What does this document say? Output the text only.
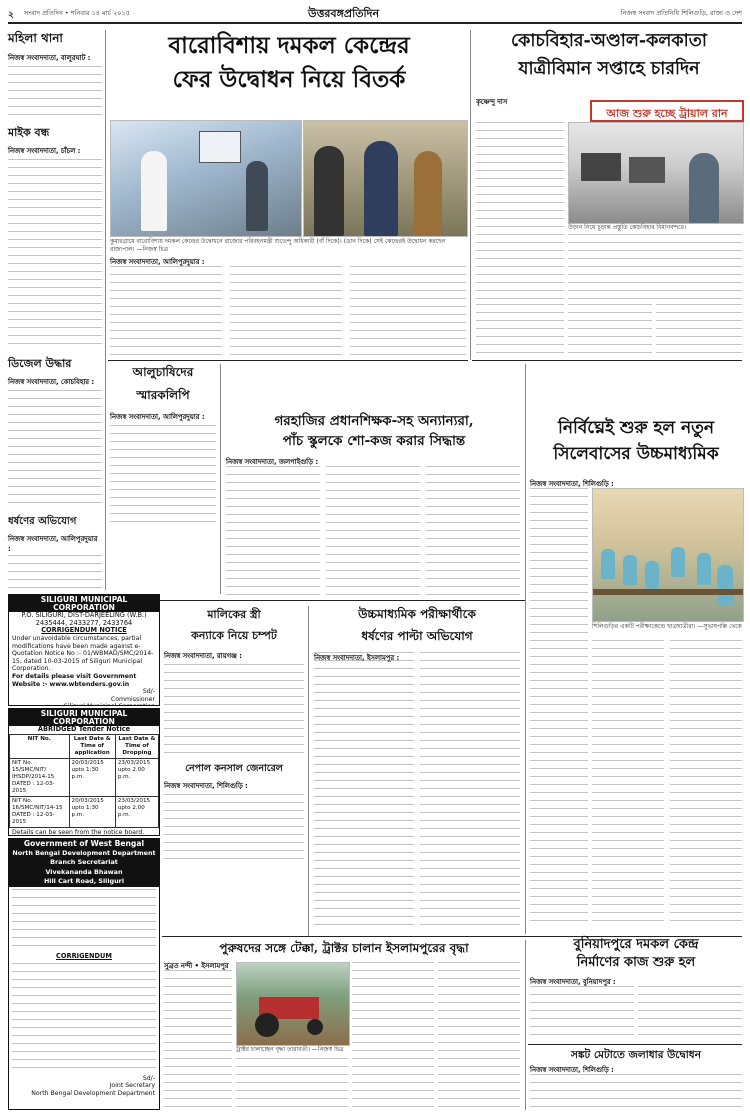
২ সংবাদ প্রতিদিন • শনিবার ১৪ মার্চ ২০১৫	উত্তরবঙ্গপ্রতিদিন	নিজস্ব সংবাদ প্রতিনিধি শিলিগুড়ি, রাজ্য ও দেশ
মহিলা থানা
নিজস্ব সংবাদদাতা, বালুরঘাট :
মাইক বন্ধ
নিজস্ব সংবাদদাতা, চাঁচল :
ডিজেল উদ্ধার
নিজস্ব সংবাদদাতা, কোচবিহার :
ধর্ষণের অভিযোগ
নিজস্ব সংবাদদাতা, আলিপুরদুয়ার :
বারোবিশায় দমকল কেন্দ্রের
ফের উদ্বোধন নিয়ে বিতর্ক
কুমারগ্রামে বারোবিশায় দমকল কেন্দ্রের উদ্বোধনে রাজ্যের পরিবহনমন্ত্রী শুভেন্দু অধিকারী (বাঁ দিকে)। (ডান দিকে) সেই কেন্দ্রেরই উদ্বোধন করছেন রাজ্যপাল। —নিজস্ব চিত্র
নিজস্ব সংবাদদাতা, আলিপুরদুয়ার :
কোচবিহার-অণ্ডাল-কলকাতা
যাত্রীবিমান সপ্তাহে চারদিন
কৃষ্ণেন্দু দাস
আজ শুরু হচ্ছে ট্রায়াল রান
উড়ান নিয়ে চূড়ান্ত প্রস্তুতি কোচবিহার বিমানবন্দরে।
আলুচাষিদের
স্মারকলিপি
নিজস্ব সংবাদদাতা, আলিপুরদুয়ার :	গরহাজির প্রধানশিক্ষক-সহ অন্যান্যরা,
পাঁচ স্কুলকে শো-কজ করার সিদ্ধান্ত
নিজস্ব সংবাদদাতা, জলপাইগুড়ি :
নির্বিঘ্নেই শুরু হল নতুন
সিলেবাসের উচ্চমাধ্যমিক
নিজস্ব সংবাদদাতা, শিলিগুড়ি :
শিলিগুড়ির একটি পরীক্ষাকেন্দ্রে ছাত্রছাত্রীরা। —সুভাষপল্লি থেকে
SILIGURI MUNICIPAL CORPORATION
P.O. SILIGURI, DIST-DARJEELING (W.B.)
2435444, 2433277, 2433764
CORRIGENDUM NOTICE
Under unavoidable circumstances, partial modifications have been made against e-Quotation Notice No :- 01/WBMAD/SMC/2014-15, dated 10-03-2015 of Siliguri Municipal Corporation.
For details please visit Government Website :- www.wbtenders.gov.in
Sd/-
Commissioner
SILIGURI MUNICIPAL CORPORATION
ABRIDGED Tender Notice
NIT No.	Last Date & Time of application	Last Date & Time of Dropping
NIT No. 15/SMC/NIT/ IHSDP/2014-15 DATED : 12-03-2015	20/03/2015 upto 1:30 p.m.	23/03/2015 upto 2.00 p.m.
NIT No. 16/SMC/NIT/14-15 DATED : 12-03-2015	20/03/2015 upto 1:30 p.m.	23/03/2015 upto 2.00 p.m.
Details can be seen from the notice board.
Government of West Bengal
North Bengal Development Department
Branch Secretariat
Vivekananda Bhawan
Hill Cart Road, Siliguri
CORRIGENDUM
Sd/-
Joint Secretary
North Bengal Development Department
মালিকের স্ত্রী
কন্যাকে নিয়ে চম্পট
নিজস্ব সংবাদদাতা, রায়গঞ্জ :
নেপাল কনসাল জেনারেল
নিজস্ব সংবাদদাতা, শিলিগুড়ি :
উচ্চমাধ্যমিক পরীক্ষার্থীকে
ধর্ষণের পাল্টা অভিযোগ
নিজস্ব সংবাদদাতা, ইসলামপুর :
পুরুষদের সঙ্গে টেক্কা, ট্রাক্টর চালান ইসলামপুরের বৃদ্ধা
সুব্রত নন্দী • ইসলামপুর
ট্রাক্টর চালাচ্ছেন বৃদ্ধা তারাবতী। —নিজস্ব চিত্র
বুনিয়াদপুরে দমকল কেন্দ্র
নির্মাণের কাজ শুরু হল
নিজস্ব সংবাদদাতা, বুনিয়াদপুর :
সঙ্কট মেটাতে জলাধার উদ্বোধন
নিজস্ব সংবাদদাতা, শিলিগুড়ি :
